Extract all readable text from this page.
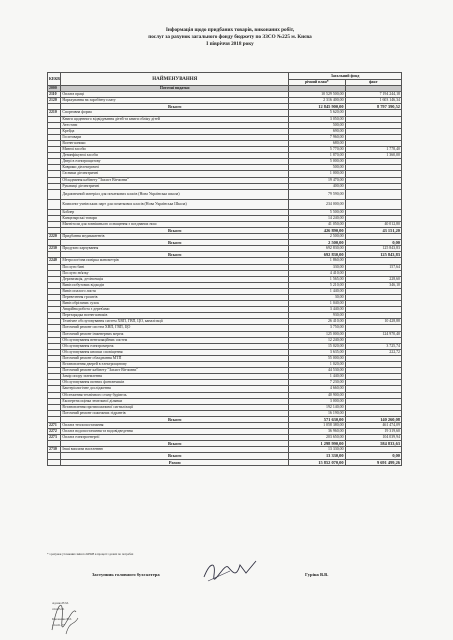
Інформація щодо придбаних товарів, виконаних робіт,
послуг за рахунок загального фонду бюджету по ЗЗСО №225 м. Києва
І півріччя 2018 року
КЕКВ	НАЙМЕНУВАННЯ	Загальний фонд	
		річний план*	факт
2000	Поточні видатки		
2110	Оплата праці	10 529 500,00	7 194 244,18
2120	Нарахування на заробітну плату	2 316 400,00	1 603 146,34
	Всього	12 845 900,00	8 797 390,52
2210	Спортивна форма	5 620,00	
	Книги щоденного відвідування дітей та книги обліку дітей	3 050,00	
	Атестати	500,00	
	Крейда	690,00	
	Госптовари	7 960,00	
	Вогнегасники	680,00	
	Миючі засоби	5 770,00	1 778,40
	Дезинфікуючі засоби	1 870,00	1 360,00
	Двері в електрощитову	5 000,00	
	Коврики діелектричні	500,00	
	Гасники діелектричні	1 000,00	
	Обладнання кабінету "Захист Вітчизни"	19 470,00	
	Рукавиці діелектричні	400,00	
	Дидактичний матеріал для початкових класів (Нова Українська школа)	79 590,00	
	Комплект учнівських парт для початкових класів (Нова Українська Школа)	234 000,00	
	Бойлер	5 500,00	
	Канцелярські товари	14 240,00	
	Магнітоли для зовнішнього оснащення з поєднаних нош	41 050,00	40 012,80
	Всього	426 890,00	43 151,20
2220	Придбання медикаментів	2 500,00	
	Всього	2 500,00	0,00
2230	Продукти харчування	692 830,00	125 843,83
	Всього	692 830,00	125 843,83
2240	Метрологічна повірка манометрів	1 860,00	
	Послуги бані	330,00	157,64
	Послуги зв'язку	4 410,00	
	Дератизація, дезінсекція	1 565,00	228,60
	Вивіз побутових відходів	5 210,00	346,10
	Вивіз опалого листя	1 440,00	
	Перевезення гроштів	30,00	
	Вивіз обрізаних сухок	1 040,00	
	Аварійна робота з дерев'ями	3 440,00	
	Перезарядка вогнегасників	930,00	
	Технічне обслуговування систем ХВП, ГВП, ЦО, каналізації	26 410,00	10 428,88
	Поточний ремонт систем ХВП, ГВП, ЦО	3 750,00	
	Поточний ремонт інженерних мереж	125 000,00	124 970,40
	Обслуговування вентиляційних систем	12 240,00	
	Обслуговування електромереж	15 020,00	3 725,74
	Обслуговування кнопки сповіщення	3 635,00	222,72
	Поточний ремонт обладнання МТП	55 000,00	
	Встановлення дверей в електрощитову	1 020,00	
	Поточний ремонт кабінету "Захист Вітчизни"	44 530,00	
	Замір опору заземлення	1 440,00	
	Обслуговування питних фонтанчиків	7 230,00	
	Бактеріологічне дослідження	4 660,00	
	Обстеження технічного стану будівель	40 900,00	
	Експертна оцінка земельної ділянки	3 000,00	
	Встановлення протипожежної сигналізації	192 140,00	
	Поточний ремонт пожежних гідрантів	16 190,00	
	Всього	571 630,00	140 260,08
2271	Оплата теплопостачання	1 058 380,00	461 474,09
2272	Оплата водопостачання та водовідведення	36 960,00	19 319,60
2273	Оплата електроенергії	203 650,00	104 039,94
	Всього	1 298 990,00	584 833,63
2730	Інші виплати населенню	13 330,00	
	Всього	13 330,00	0,00
	Разом	15 852 070,00	9 691 499,26
* з рахунок уточнених змін по КЕКВ в процесі і дозвіл по потребах
Заступник головного бухгалтера	Гуріна В.В.
Адонка Н.М.
414-85-91
Кононенко В.Л.
414-61-77
